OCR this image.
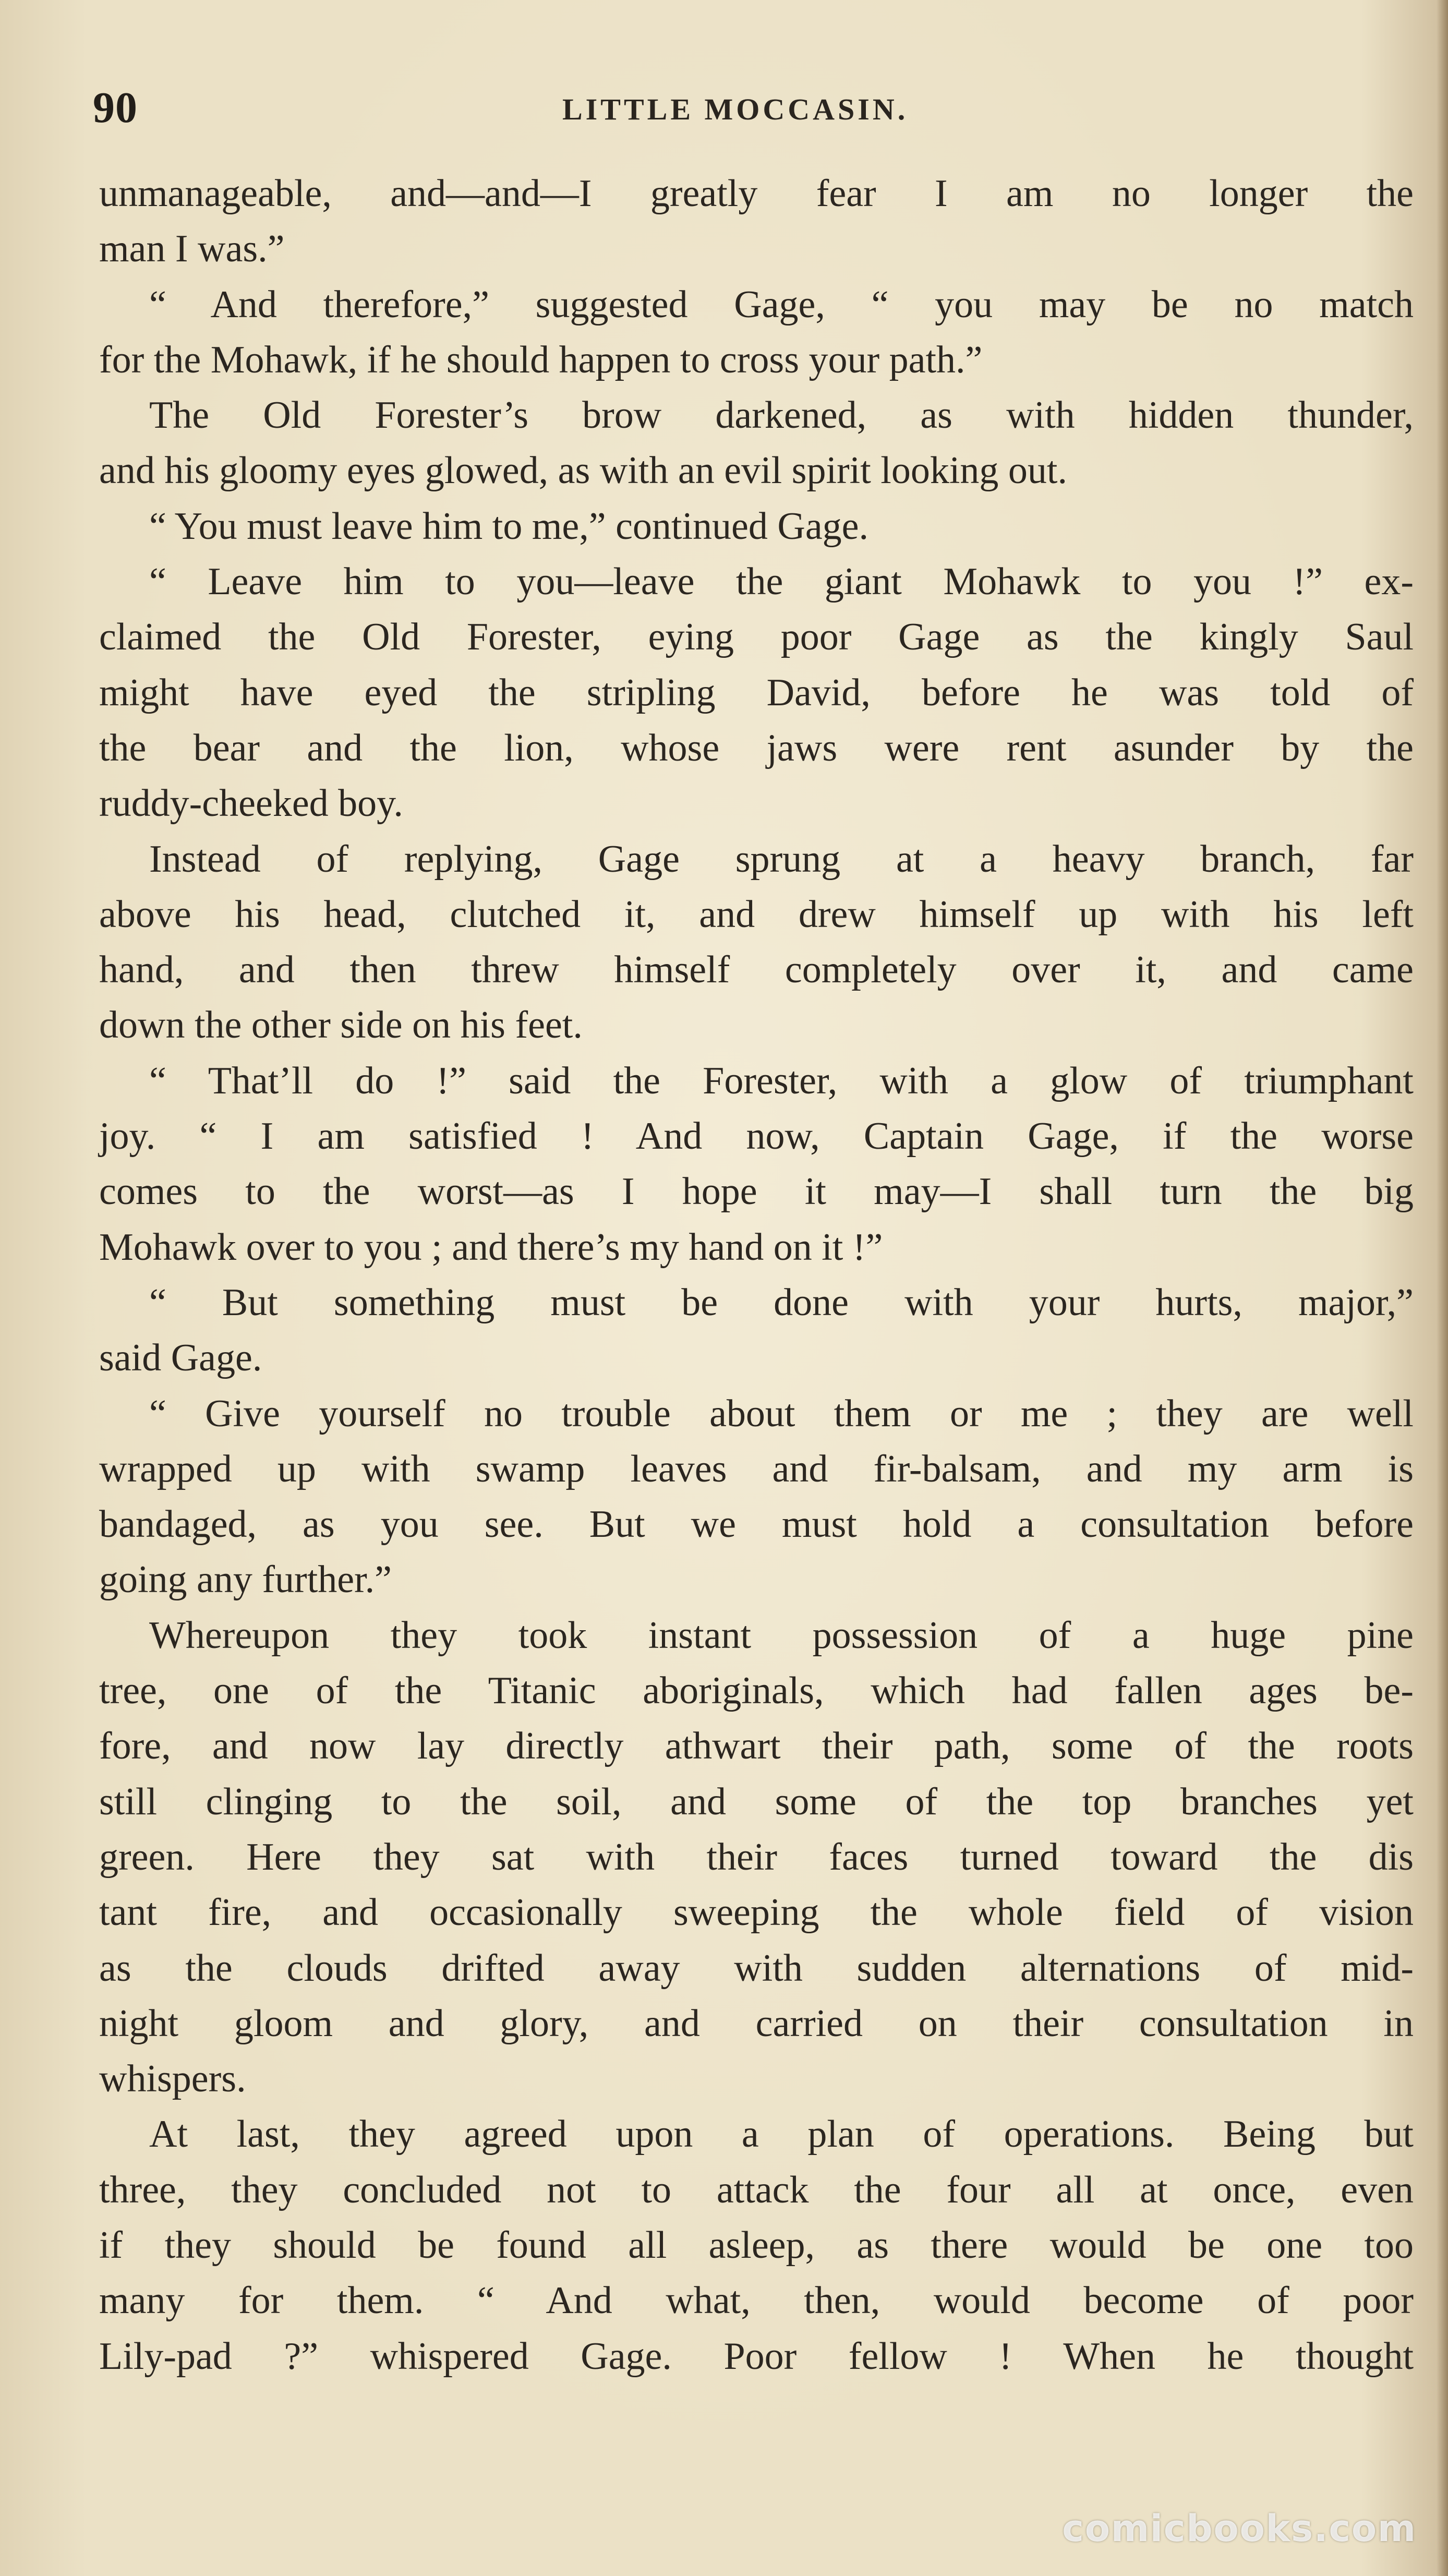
90	LITTLE MOCCASIN.

unmanageable, and—and—I greatly fear I am no longer the

man I was.”

“ And therefore,” suggested Gage, “ you may be no match

for the Mohawk, if he should happen to cross your path.”

The Old Forester’s brow darkened, as with hidden thunder,

and his gloomy eyes glowed, as with an evil spirit looking out.

“ You must leave him to me,” continued Gage.

“ Leave him to you—leave the giant Mohawk to you !” ex-

claimed the Old Forester, eying poor Gage as the kingly Saul

might have eyed the stripling David, before he was told of

the bear and the lion, whose jaws were rent asunder by the

ruddy-cheeked boy.

Instead of replying, Gage sprung at a heavy branch, far

above his head, clutched it, and drew himself up with his left

hand, and then threw himself completely over it, and came

down the other side on his feet.

“ That’ll do !” said the Forester, with a glow of triumphant

joy. “ I am satisfied ! And now, Captain Gage, if the worse

comes to the worst—as I hope it may—I shall turn the big

Mohawk over to you ; and there’s my hand on it !”

“ But something must be done with your hurts, major,”

said Gage.

“ Give yourself no trouble about them or me ; they are well

wrapped up with swamp leaves and fir-balsam, and my arm is

bandaged, as you see. But we must hold a consultation before

going any further.”

Whereupon they took instant possession of a huge pine

tree, one of the Titanic aboriginals, which had fallen ages be-

fore, and now lay directly athwart their path, some of the roots

still clinging to the soil, and some of the top branches yet

green. Here they sat with their faces turned toward the dis

tant fire, and occasionally sweeping the whole field of vision

as the clouds drifted away with sudden alternations of mid-

night gloom and glory, and carried on their consultation in

whispers.

At last, they agreed upon a plan of operations. Being but

three, they concluded not to attack the four all at once, even

if they should be found all asleep, as there would be one too

many for them. “ And what, then, would become of poor

Lily-pad ?” whispered Gage. Poor fellow ! When he thought

comicbooks.com
